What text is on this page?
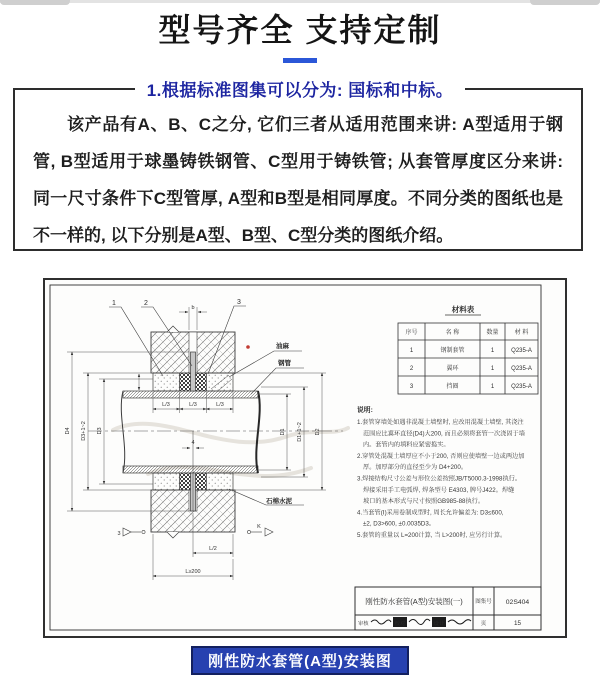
型号齐全 支持定制

该产品有A、B、C之分, 它们三者从适用范围来讲: A型适用于钢管, B型适用于球墨铸铁钢管、C型用于铸铁管; 从套管厚度区分来讲: 同一尺寸条件下C型管厚, A型和B型是相同厚度。不同分类的图纸也是不一样的, 以下分别是A型、B型、C型分类的图纸介绍。

1.根据标准图集可以分为: 国标和中标。
1	2	3
油麻
钢管
石棉水泥
b
D4 D3+1~2 D3	D1 D1+1~2 D2
L/3	L/3	L/3
4
L/2
L≥200
3
K
材料表
序号	名 称	数量	材 料
1	钢制套管	1	Q235-A
2	翼环	1	Q235-A
3	挡圈	1	Q235-A
说明:
1.套管穿墙处如遇非混凝土墙壁时, 应改用混凝土墙壁, 其浇注
范围应比翼环直径(D4)大200, 而且必须将套管一次浇固于墙
内。套管内的填料应紧密捣实。
2.穿管处混凝土墙厚应不小于200, 否则应使墙壁一边或两边加
厚。加厚部分的直径至少为 D4+200。
3.焊接结构尺寸公差与形位公差按照JB/T5000.3-1998执行。
焊接采用手工电弧焊, 焊条型号 E4303, 牌号J422。焊缝
坡口的基本形式与尺寸按照GB985-88执行。
4.当套管(Ⅰ)采用卷制成型时, 周长允许偏差为: D3≤600,
±2, D3>600, ±0.0035D3。
5.套管的重量以 L=200计算, 当 L>200时, 应另行计算。
刚性防水套管(A型)安装图(一) 图集号 02S404
页	15
审核	校对	设计
刚性防水套管(A型)安装图
